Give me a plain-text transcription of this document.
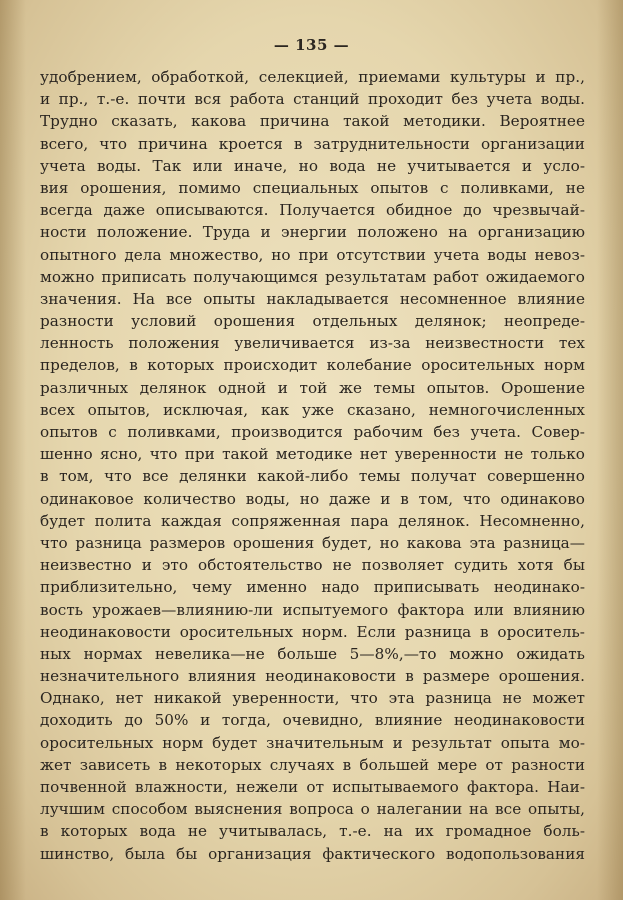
— 135 —
удобрением, обработкой, селекцией, приемами культуры и пр.,
и пр., т.-е. почти вся работа станций проходит без учета воды.
Трудно сказать, какова причина такой методики. Вероятнее
всего, что причина кроется в затруднительности организации
учета воды. Так или иначе, но вода не учитывается и усло-
вия орошения, помимо специальных опытов с поливками, не
всегда даже описываются. Получается обидное до чрезвычай-
ности положение. Труда и энергии положено на организацию
опытного дела множество, но при отсутствии учета воды невоз-
можно приписать получающимся результатам работ ожидаемого
значения. На все опыты накладывается несомненное влияние
разности условий орошения отдельных делянок; неопреде-
ленность положения увеличивается из-за неизвестности тех
пределов, в которых происходит колебание оросительных норм
различных делянок одной и той же темы опытов. Орошение
всех опытов, исключая, как уже сказано, немногочисленных
опытов с поливками, производится рабочим без учета. Совер-
шенно ясно, что при такой методике нет уверенности не только
в том, что все делянки какой-либо темы получат совершенно
одинаковое количество воды, но даже и в том, что одинаково
будет полита каждая сопряженная пара делянок. Несомненно,
что разница размеров орошения будет, но какова эта разница—
неизвестно и это обстоятельство не позволяет судить хотя бы
приблизительно, чему именно надо приписывать неодинако-
вость урожаев—влиянию-ли испытуемого фактора или влиянию
неодинаковости оросительных норм. Если разница в ороситель-
ных нормах невелика—не больше 5—8%,—то можно ожидать
незначительного влияния неодинаковости в размере орошения.
Однако, нет никакой уверенности, что эта разница не может
доходить до 50% и тогда, очевидно, влияние неодинаковости
оросительных норм будет значительным и результат опыта мо-
жет зависеть в некоторых случаях в большей мере от разности
почвенной влажности, нежели от испытываемого фактора. Наи-
лучшим способом выяснения вопроса о налегании на все опыты,
в которых вода не учитывалась, т.-е. на их громадное боль-
шинство, была бы организация фактического водопользования
